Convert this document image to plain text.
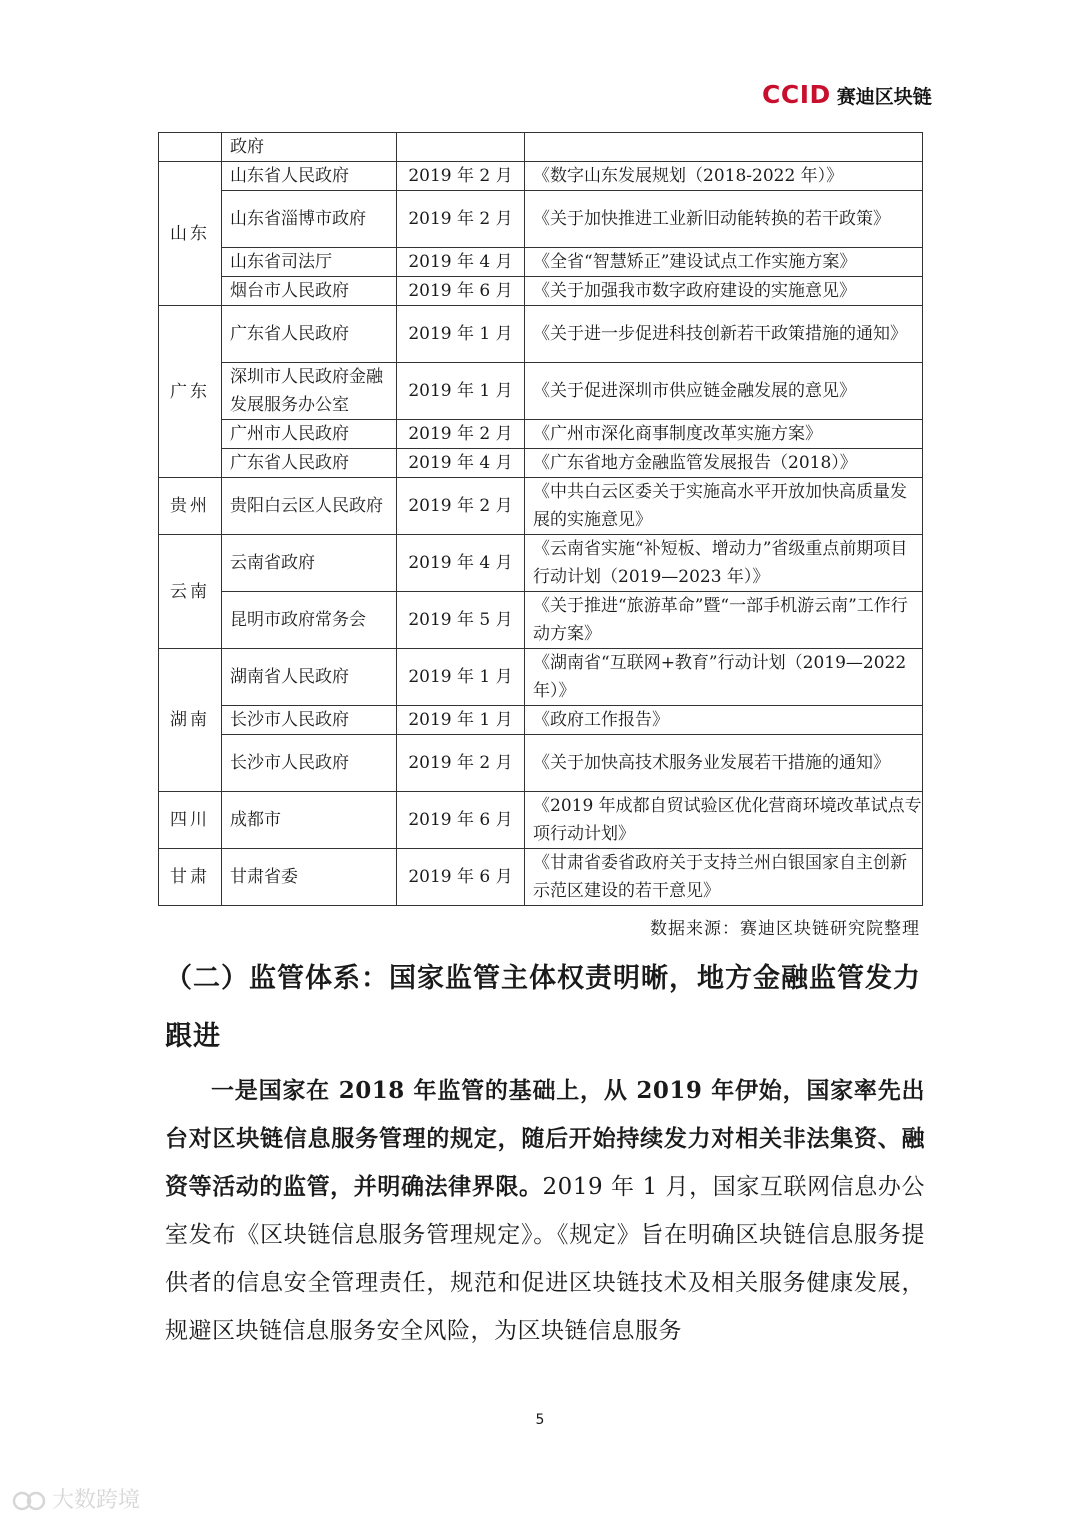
CCID 赛迪区块链
	政府		
山东	山东省人民政府	2019 年 2 月	《数字山东发展规划（2018-2022 年）》
	山东省淄博市政府	2019 年 2 月	《关于加快推进工业新旧动能转换的若干政策》
	山东省司法厅	2019 年 4 月	《全省“智慧矫正”建设试点工作实施方案》
	烟台市人民政府	2019 年 6 月	《关于加强我市数字政府建设的实施意见》
广东	广东省人民政府	2019 年 1 月	《关于进一步促进科技创新若干政策措施的通知》
	深圳市人民政府金融发展服务办公室	2019 年 1 月	《关于促进深圳市供应链金融发展的意见》
	广州市人民政府	2019 年 2 月	《广州市深化商事制度改革实施方案》
	广东省人民政府	2019 年 4 月	《广东省地方金融监管发展报告（2018）》
贵州	贵阳白云区人民政府	2019 年 2 月	《中共白云区委关于实施高水平开放加快高质量发展的实施意见》
云南	云南省政府	2019 年 4 月	《云南省实施“补短板、增动力”省级重点前期项目行动计划（2019—2023 年）》
	昆明市政府常务会	2019 年 5 月	《关于推进“旅游革命”暨“一部手机游云南”工作行动方案》
湖南	湖南省人民政府	2019 年 1 月	《湖南省“互联网+教育”行动计划（2019—2022 年）》
	长沙市人民政府	2019 年 1 月	《政府工作报告》
	长沙市人民政府	2019 年 2 月	《关于加快高技术服务业发展若干措施的通知》
四川	成都市	2019 年 6 月	《2019 年成都自贸试验区优化营商环境改革试点专项行动计划》
甘肃	甘肃省委	2019 年 6 月	《甘肃省委省政府关于支持兰州白银国家自主创新示范区建设的若干意见》
数据来源：赛迪区块链研究院整理
（二）监管体系：国家监管主体权责明晰，地方金融监管发力跟进

一是国家在 2018 年监管的基础上，从 2019 年伊始，国家率先出台对区块链信息服务管理的规定，随后开始持续发力对相关非法集资、融资等活动的监管，并明确法律界限。2019 年 1 月，国家互联网信息办公室发布《区块链信息服务管理规定》。《规定》旨在明确区块链信息服务提供者的信息安全管理责任，规范和促进区块链技术及相关服务健康发展，规避区块链信息服务安全风险，为区块链信息服务

5
大数跨境
